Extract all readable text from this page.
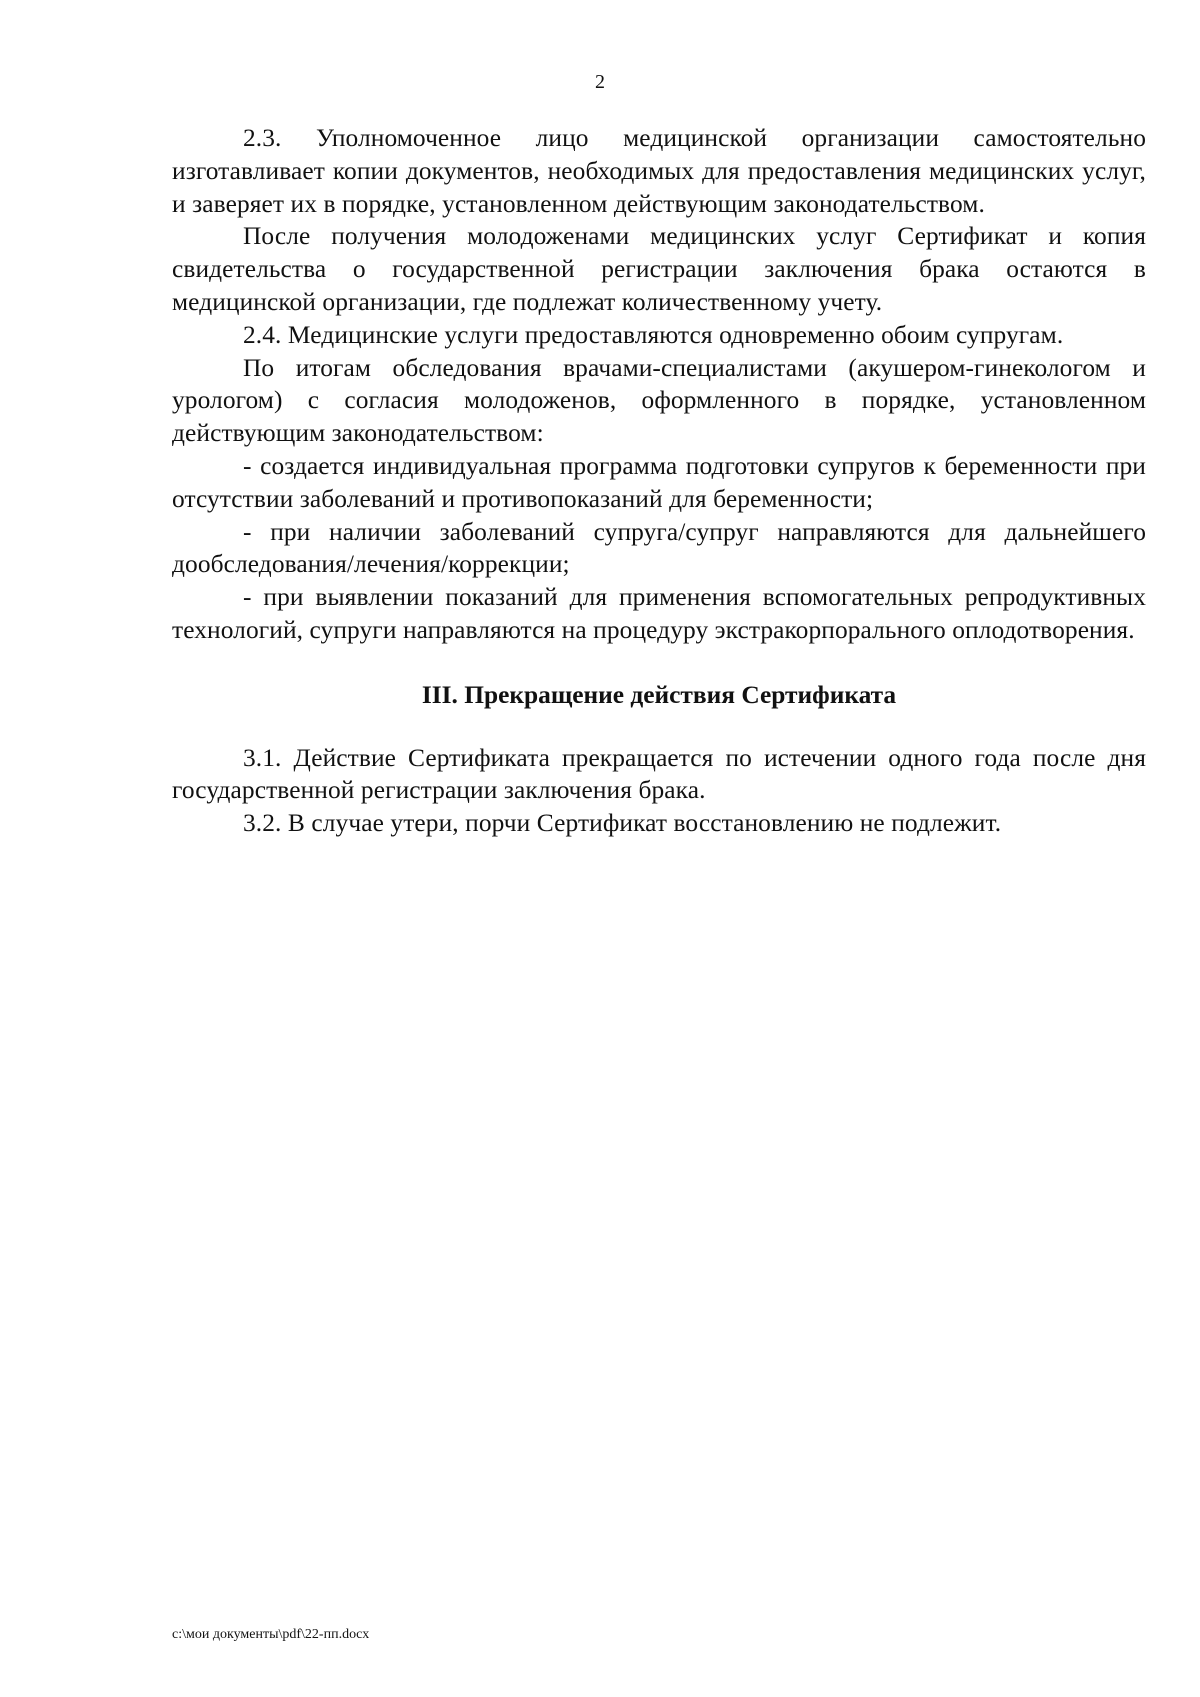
2

2.3. Уполномоченное лицо медицинской организации самостоятельно изготавливает копии документов, необходимых для предоставления медицинских услуг, и заверяет их в порядке, установленном действующим законодательством.

После получения молодоженами медицинских услуг Сертификат и копия свидетельства о государственной регистрации заключения брака остаются в медицинской организации, где подлежат количественному учету.

2.4. Медицинские услуги предоставляются одновременно обоим супругам.

По итогам обследования врачами-специалистами (акушером-гинекологом и урологом) с согласия молодоженов, оформленного в порядке, установленном действующим законодательством:

- создается индивидуальная программа подготовки супругов к беременности при отсутствии заболеваний и противопоказаний для беременности;

- при наличии заболеваний супруга/супруг направляются для дальнейшего дообследования/лечения/коррекции;

- при выявлении показаний для применения вспомогательных репродуктивных технологий, супруги направляются на процедуру экстракорпорального оплодотворения.

III. Прекращение действия Сертификата

3.1. Действие Сертификата прекращается по истечении одного года после дня государственной регистрации заключения брака.

3.2. В случае утери, порчи Сертификат восстановлению не подлежит.

c:\мои документы\pdf\22-пп.docx
